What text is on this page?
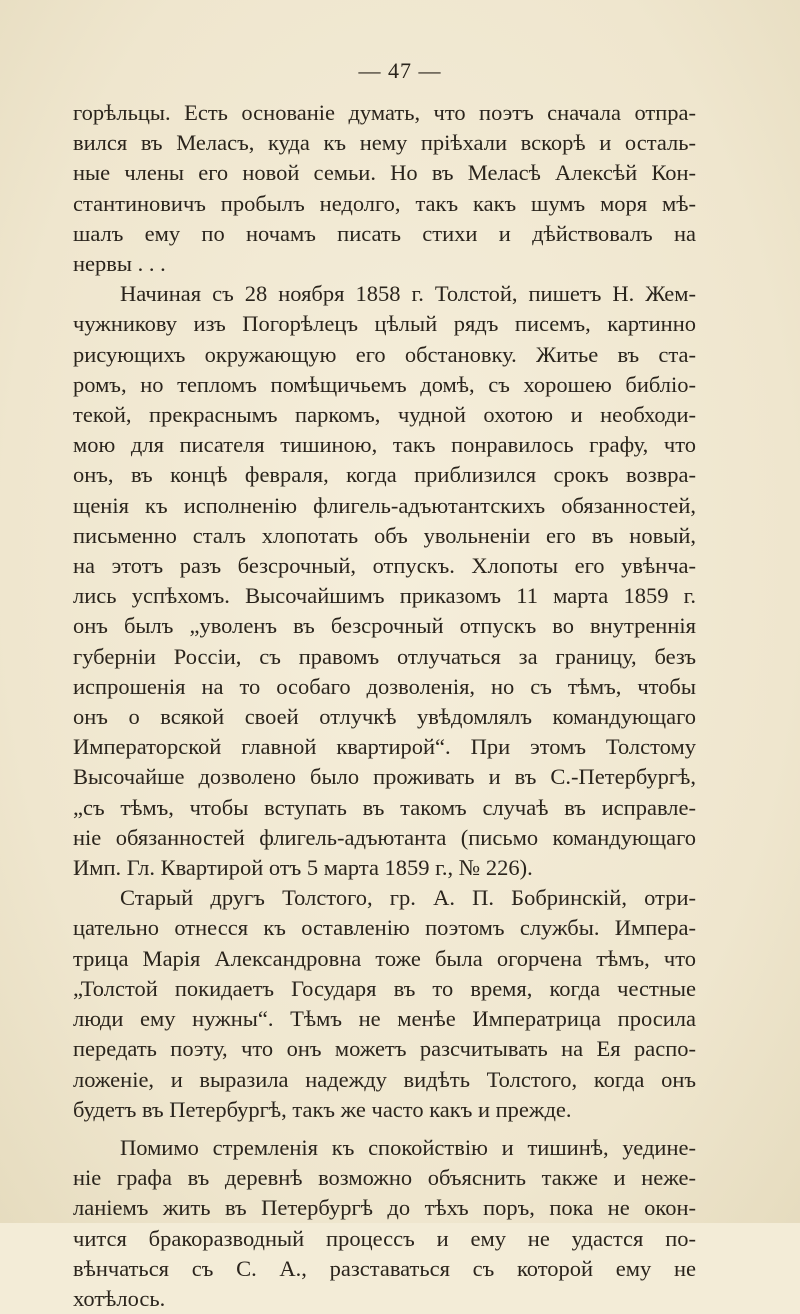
— 47 —
горѣльцы. Есть основаніе думать, что поэтъ сначала отпра-
вился въ Меласъ, куда къ нему пріѣхали вскорѣ и осталь-
ные члены его новой семьи. Но въ Меласѣ Алексѣй Кон-
стантиновичъ пробылъ недолго, такъ какъ шумъ моря мѣ-
шалъ ему по ночамъ писать стихи и дѣйствовалъ на
нервы . . .
Начиная съ 28 ноября 1858 г. Толстой, пишетъ Н. Жем-
чужникову изъ Погорѣлецъ цѣлый рядъ писемъ, картинно
рисующихъ окружающую его обстановку. Житье въ ста-
ромъ, но тепломъ помѣщичьемъ домѣ, съ хорошею библіо-
текой, прекраснымъ паркомъ, чудной охотою и необходи-
мою для писателя тишиною, такъ понравилось графу, что
онъ, въ концѣ февраля, когда приблизился срокъ возвра-
щенія къ исполненію флигель-адъютантскихъ обязанностей,
письменно сталъ хлопотать объ увольненіи его въ новый,
на этотъ разъ безсрочный, отпускъ. Хлопоты его увѣнча-
лись успѣхомъ. Высочайшимъ приказомъ 11 марта 1859 г.
онъ былъ „уволенъ въ безсрочный отпускъ во внутреннія
губерніи Россіи, съ правомъ отлучаться за границу, безъ
испрошенія на то особаго дозволенія, но съ тѣмъ, чтобы
онъ о всякой своей отлучкѣ увѣдомлялъ командующаго
Императорской главной квартирой“. При этомъ Толстому
Высочайше дозволено было проживать и въ С.-Петербургѣ,
„съ тѣмъ, чтобы вступать въ такомъ случаѣ въ исправле-
ніе обязанностей флигель-адъютанта (письмо командующаго
Имп. Гл. Квартирой отъ 5 марта 1859 г., № 226).
Старый другъ Толстого, гр. А. П. Бобринскій, отри-
цательно отнесся къ оставленію поэтомъ службы. Импера-
трица Марія Александровна тоже была огорчена тѣмъ, что
„Толстой покидаетъ Государя въ то время, когда честные
люди ему нужны“. Тѣмъ не менѣе Императрица просила
передать поэту, что онъ можетъ разсчитывать на Ея распо-
ложеніе, и выразила надежду видѣть Толстого, когда онъ
будетъ въ Петербургѣ, такъ же часто какъ и прежде.
Помимо стремленія къ спокойствію и тишинѣ, уедине-
ніе графа въ деревнѣ возможно объяснить также и неже-
ланіемъ жить въ Петербургѣ до тѣхъ поръ, пока не окон-
чится бракоразводный процессъ и ему не удастся по-
вѣнчаться съ С. А., разставаться съ которой ему не
хотѣлось.
